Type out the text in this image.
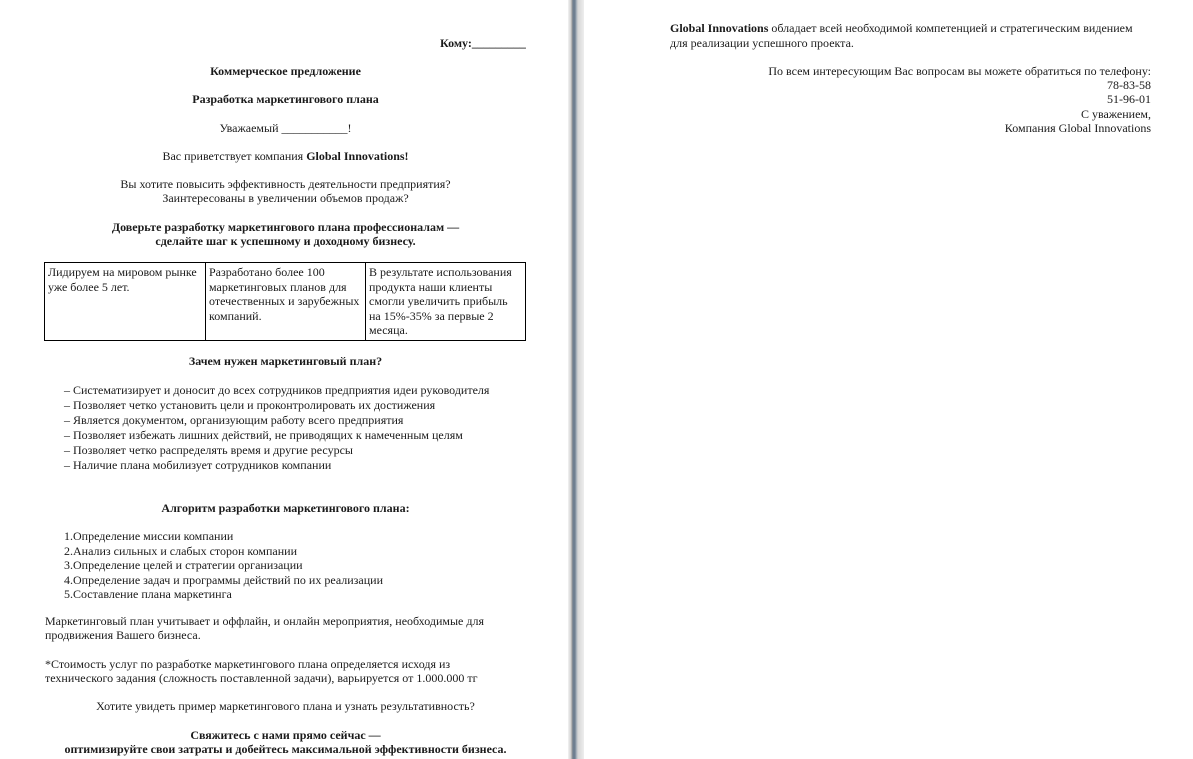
Кому:_________
Коммерческое предложение
Разработка маркетингового плана
Уважаемый ___________!
Вас приветствует компания Global Innovations!
Вы хотите повысить эффективность деятельности предприятия?
Заинтересованы в увеличении объемов продаж?
Доверьте разработку маркетингового плана профессионалам —
сделайте шаг к успешному и доходному бизнесу.
Лидируем на мировом рынке уже более 5 лет.	Разработано более 100 маркетинговых планов для отечественных и зарубежных компаний.	В результате использования продукта наши клиенты смогли увеличить прибыль на 15%-35% за первые 2 месяца.
Зачем нужен маркетинговый план?
– Систематизирует и доносит до всех сотрудников предприятия идеи руководителя
– Позволяет четко установить цели и проконтролировать их достижения
– Является документом, организующим работу всего предприятия
– Позволяет избежать лишних действий, не приводящих к намеченным целям
– Позволяет четко распределять время и другие ресурсы
– Наличие плана мобилизует сотрудников компании
Алгоритм разработки маркетингового плана:
1.Определение миссии компании
2.Анализ сильных и слабых сторон компании
3.Определение целей и стратегии организации
4.Определение задач и программы действий по их реализации
5.Составление плана маркетинга
Маркетинговый план учитывает и оффлайн, и онлайн мероприятия, необходимые для
продвижения Вашего бизнеса.
*Стоимость услуг по разработке маркетингового плана определяется исходя из
технического задания (сложность поставленной задачи), варьируется от 1.000.000 тг
Хотите увидеть пример маркетингового плана и узнать результативность?
Свяжитесь с нами прямо сейчас —
оптимизируйте свои затраты и добейтесь максимальной эффективности бизнеса.
Global Innovations обладает всей необходимой компетенцией и стратегическим видением
для реализации успешного проекта.
По всем интересующим Вас вопросам вы можете обратиться по телефону:
78-83-58
51-96-01
С уважением,
Компания Global Innovations
